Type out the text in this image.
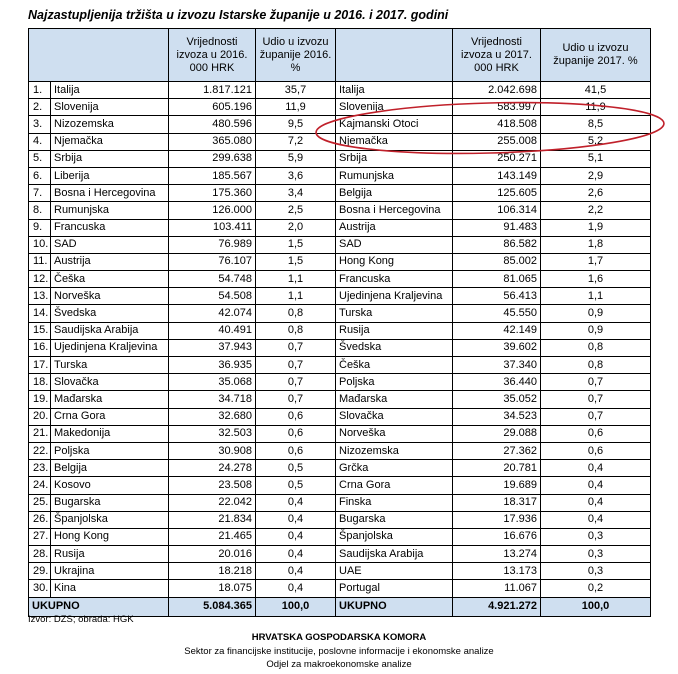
Najzastupljenija tržišta u izvozu Istarske županije u 2016. i 2017. godini
		Vrijednosti izvoza u 2016. 000 HRK	Udio u izvozu županije 2016. %		Vrijednosti izvoza u 2017. 000 HRK	Udio u izvozu županije 2017. %
1.	Italija	1.817.121	35,7	Italija	2.042.698	41,5
2.	Slovenija	605.196	11,9	Slovenija	583.997	11,9
3.	Nizozemska	480.596	9,5	Kajmanski Otoci	418.508	8,5
4.	Njemačka	365.080	7,2	Njemačka	255.008	5,2
5.	Srbija	299.638	5,9	Srbija	250.271	5,1
6.	Liberija	185.567	3,6	Rumunjska	143.149	2,9
7.	Bosna i Hercegovina	175.360	3,4	Belgija	125.605	2,6
8.	Rumunjska	126.000	2,5	Bosna i Hercegovina	106.314	2,2
9.	Francuska	103.411	2,0	Austrija	91.483	1,9
10.	SAD	76.989	1,5	SAD	86.582	1,8
11.	Austrija	76.107	1,5	Hong Kong	85.002	1,7
12.	Češka	54.748	1,1	Francuska	81.065	1,6
13.	Norveška	54.508	1,1	Ujedinjena Kraljevina	56.413	1,1
14.	Švedska	42.074	0,8	Turska	45.550	0,9
15.	Saudijska Arabija	40.491	0,8	Rusija	42.149	0,9
16.	Ujedinjena Kraljevina	37.943	0,7	Švedska	39.602	0,8
17.	Turska	36.935	0,7	Češka	37.340	0,8
18.	Slovačka	35.068	0,7	Poljska	36.440	0,7
19.	Mađarska	34.718	0,7	Mađarska	35.052	0,7
20.	Crna Gora	32.680	0,6	Slovačka	34.523	0,7
21.	Makedonija	32.503	0,6	Norveška	29.088	0,6
22.	Poljska	30.908	0,6	Nizozemska	27.362	0,6
23.	Belgija	24.278	0,5	Grčka	20.781	0,4
24.	Kosovo	23.508	0,5	Crna Gora	19.689	0,4
25.	Bugarska	22.042	0,4	Finska	18.317	0,4
26.	Španjolska	21.834	0,4	Bugarska	17.936	0,4
27.	Hong Kong	21.465	0,4	Španjolska	16.676	0,3
28.	Rusija	20.016	0,4	Saudijska Arabija	13.274	0,3
29.	Ukrajina	18.218	0,4	UAE	13.173	0,3
30.	Kina	18.075	0,4	Portugal	11.067	0,2
UKUPNO		5.084.365	100,0	UKUPNO	4.921.272	100,0
Izvor: DZS; obrada: HGK
HRVATSKA GOSPODARSKA KOMORA
Sektor za financijske institucije, poslovne informacije i ekonomske analize
Odjel za makroekonomske analize
